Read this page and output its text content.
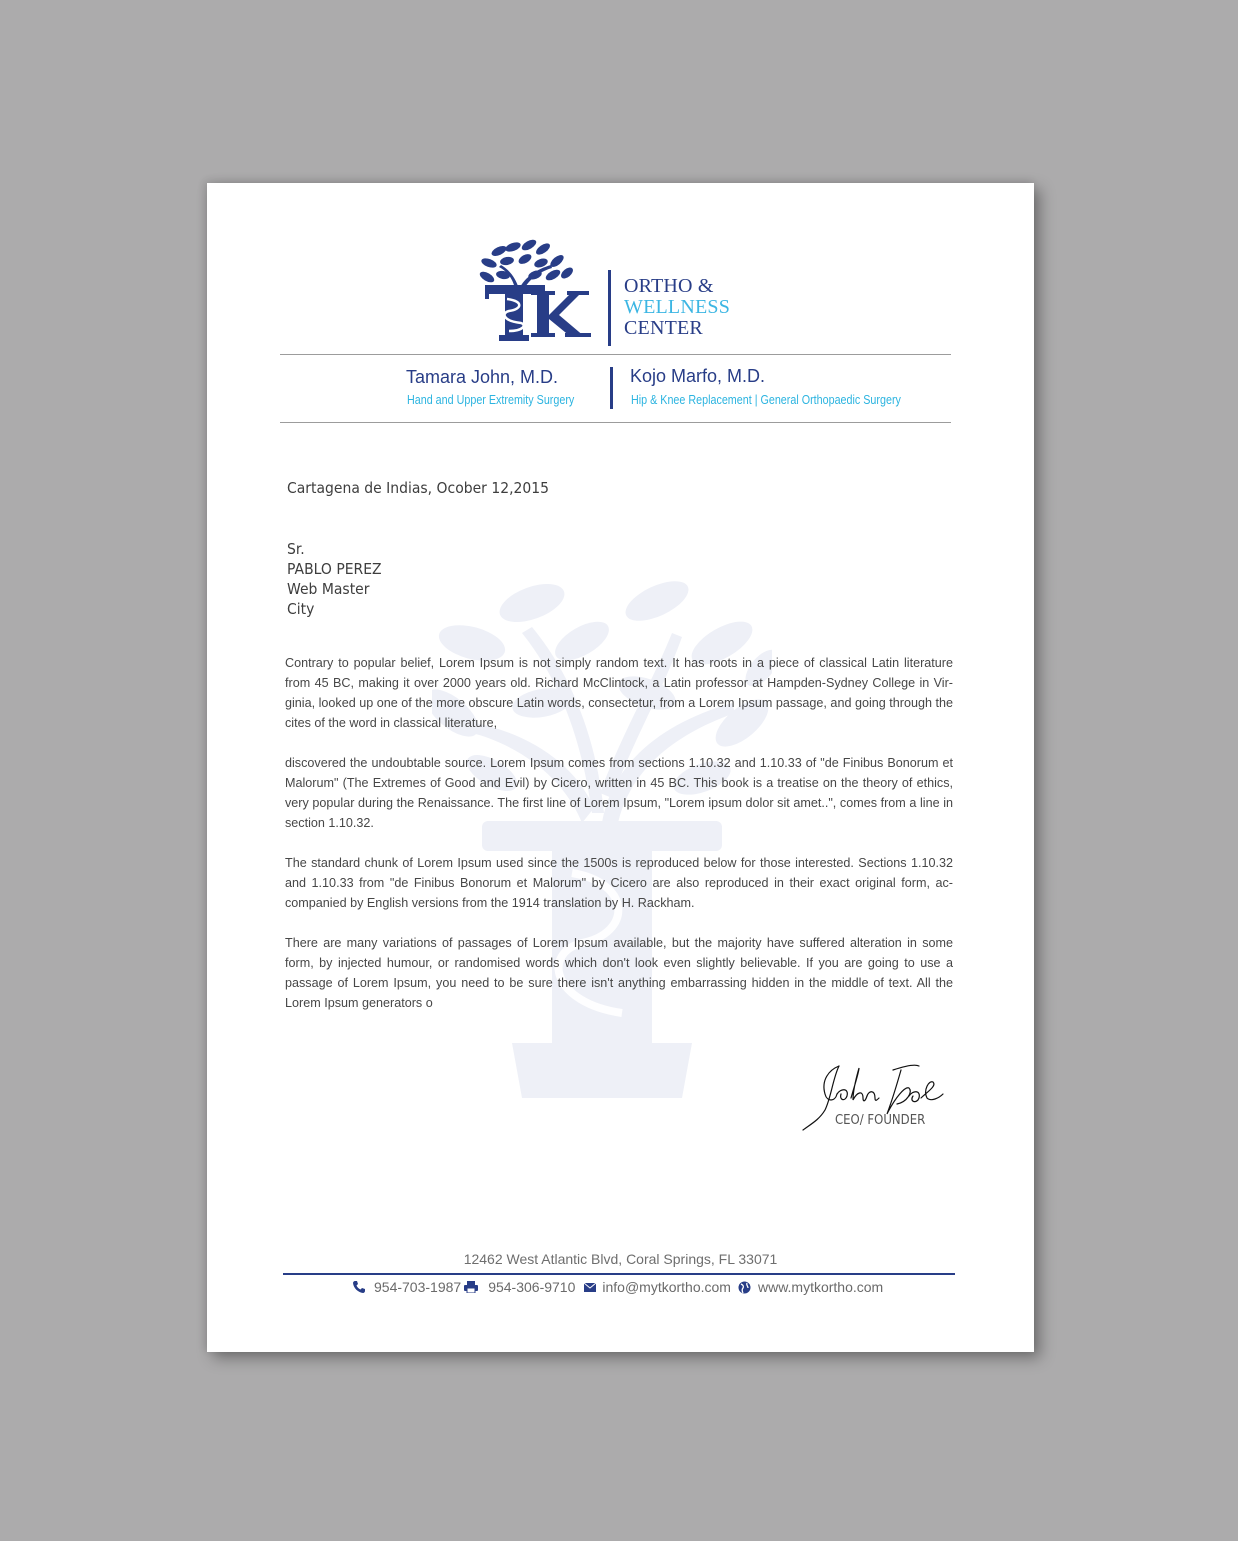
ORTHO &
WELLNESS
CENTER
Tamara John, M.D.
Hand and Upper Extremity Surgery
Kojo Marfo, M.D.
Hip & Knee Replacement | General Orthopaedic Surgery
Cartagena de Indias, Ocober 12,2015
Sr.
PABLO PEREZ
Web Master
City

Contrary to popular belief, Lorem Ipsum is not simply random text. It has roots in a piece of classical Latin literature from 45 BC, making it over 2000 years old. Richard McClintock, a Latin professor at Hampden-Sydney College in Vir-ginia, looked up one of the more obscure Latin words, consectetur, from a Lorem Ipsum passage, and going through the cites of the word in classical literature,

discovered the undoubtable source. Lorem Ipsum comes from sections 1.10.32 and 1.10.33 of "de Finibus Bonorum et Malorum" (The Extremes of Good and Evil) by Cicero, written in 45 BC. This book is a treatise on the theory of ethics, very popular during the Renaissance. The first line of Lorem Ipsum, "Lorem ipsum dolor sit amet..", comes from a line in section 1.10.32.

The standard chunk of Lorem Ipsum used since the 1500s is reproduced below for those interested. Sections 1.10.32 and 1.10.33 from "de Finibus Bonorum et Malorum" by Cicero are also reproduced in their exact original form, ac-companied by English versions from the 1914 translation by H. Rackham.

There are many variations of passages of Lorem Ipsum available, but the majority have suffered alteration in some form, by injected humour, or randomised words which don't look even slightly believable. If you are going to use a passage of Lorem Ipsum, you need to be sure there isn't anything embarrassing hidden in the middle of text. All the Lorem Ipsum generators o

CEO/ FOUNDER
12462 West Atlantic Blvd, Coral Springs, FL 33071
954-703-1987 954-306-9710 info@mytkortho.com www.mytkortho.com
